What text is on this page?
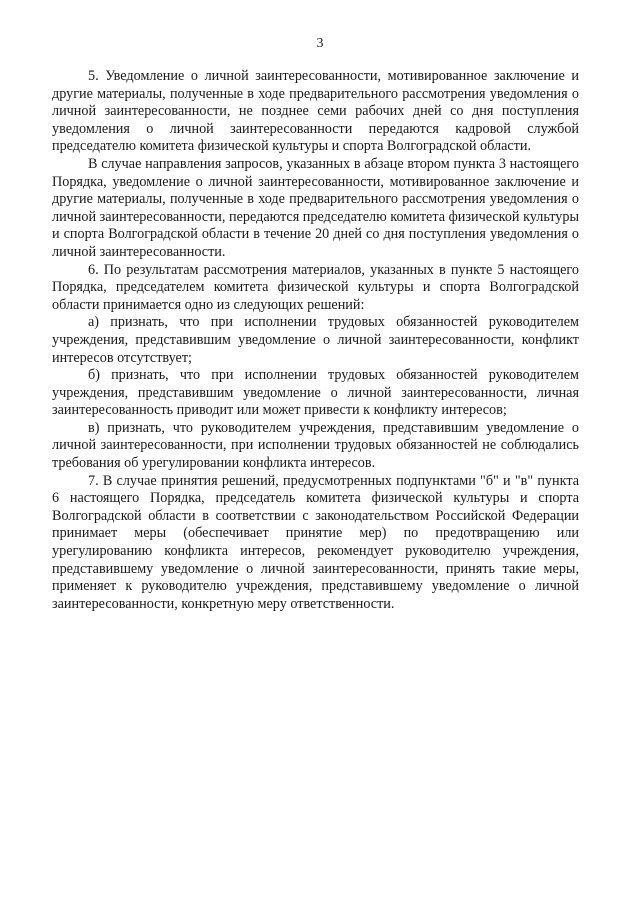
3

5. Уведомление о личной заинтересованности, мотивированное заключение и другие материалы, полученные в ходе предварительного рассмотрения уведомления о личной заинтересованности, не позднее семи рабочих дней со дня поступления уведомления о личной заинтересованности передаются кадровой службой председателю комитета физической культуры и спорта Волгоградской области.

В случае направления запросов, указанных в абзаце втором пункта 3 настоящего Порядка, уведомление о личной заинтересованности, мотивированное заключение и другие материалы, полученные в ходе предварительного рассмотрения уведомления о личной заинтересованности, передаются председателю комитета физической культуры и спорта Волгоградской области в течение 20 дней со дня поступления уведомления о личной заинтересованности.

6. По результатам рассмотрения материалов, указанных в пункте 5 настоящего Порядка, председателем комитета физической культуры и спорта Волгоградской области принимается одно из следующих решений:

а) признать, что при исполнении трудовых обязанностей руководителем учреждения, представившим уведомление о личной заинтересованности, конфликт интересов отсутствует;

б) признать, что при исполнении трудовых обязанностей руководителем учреждения, представившим уведомление о личной заинтересованности, личная заинтересованность приводит или может привести к конфликту интересов;

в) признать, что руководителем учреждения, представившим уведомление о личной заинтересованности, при исполнении трудовых обязанностей не соблюдались требования об урегулировании конфликта интересов.

7. В случае принятия решений, предусмотренных подпунктами "б" и "в" пункта 6 настоящего Порядка, председатель комитета физической культуры и спорта Волгоградской области в соответствии с законодательством Российской Федерации принимает меры (обеспечивает принятие мер) по предотвращению или урегулированию конфликта интересов, рекомендует руководителю учреждения, представившему уведомление о личной заинтересованности, принять такие меры, применяет к руководителю учреждения, представившему уведомление о личной заинтересованности, конкретную меру ответственности.
